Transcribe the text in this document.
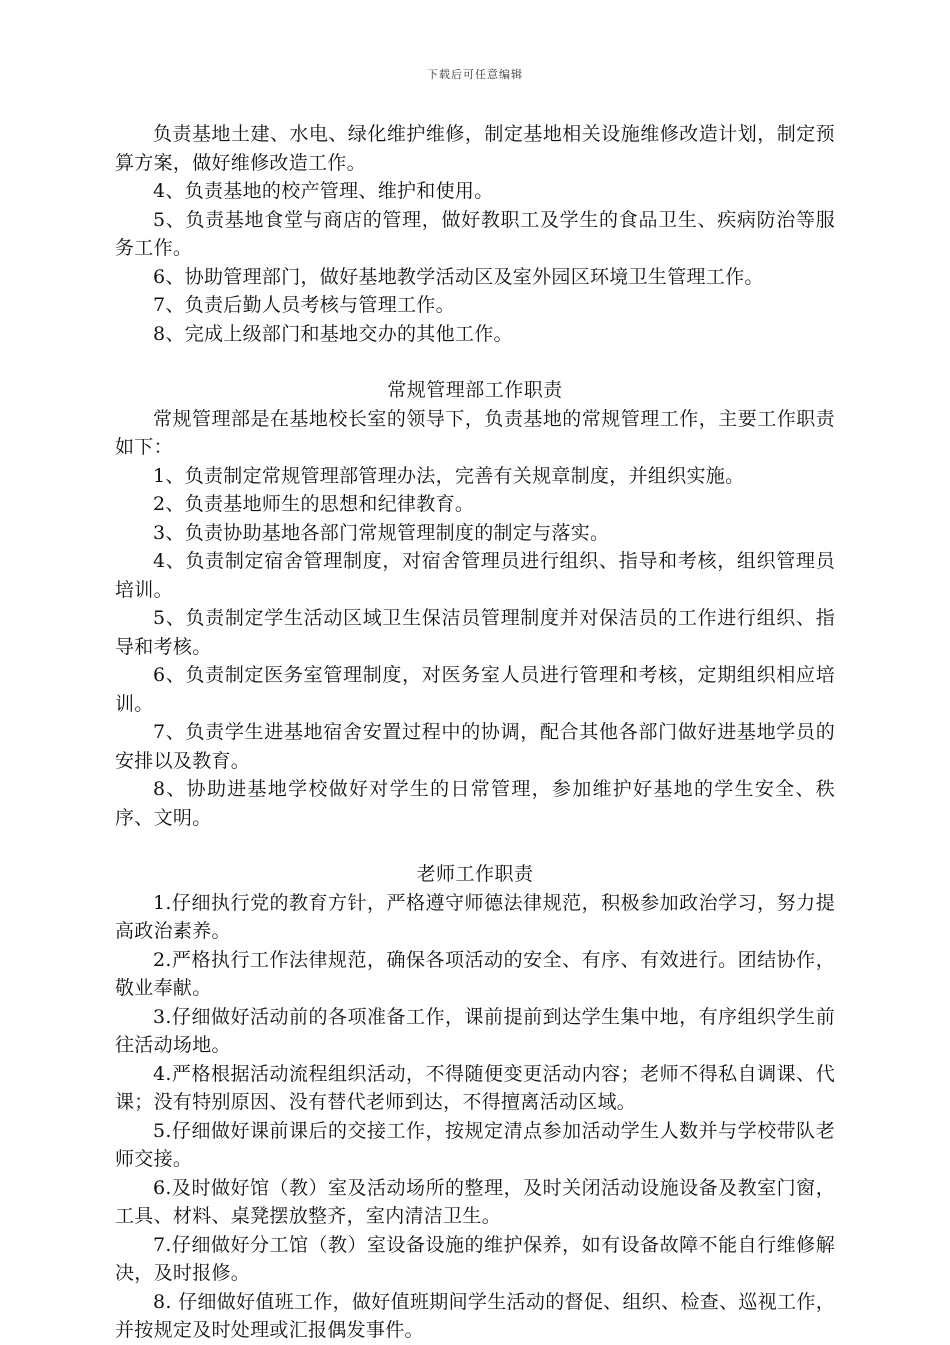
下载后可任意编辑

负责基地土建、水电、绿化维护维修，制定基地相关设施维修改造计划，制定预算方案，做好维修改造工作。

4、负责基地的校产管理、维护和使用。

5、负责基地食堂与商店的管理，做好教职工及学生的食品卫生、疾病防治等服务工作。

6、协助管理部门，做好基地教学活动区及室外园区环境卫生管理工作。

7、负责后勤人员考核与管理工作。

8、完成上级部门和基地交办的其他工作。

常规管理部工作职责

常规管理部是在基地校长室的领导下，负责基地的常规管理工作，主要工作职责如下：

1、负责制定常规管理部管理办法，完善有关规章制度，并组织实施。

2、负责基地师生的思想和纪律教育。

3、负责协助基地各部门常规管理制度的制定与落实。

4、负责制定宿舍管理制度，对宿舍管理员进行组织、指导和考核，组织管理员培训。

5、负责制定学生活动区域卫生保洁员管理制度并对保洁员的工作进行组织、指导和考核。

6、负责制定医务室管理制度，对医务室人员进行管理和考核，定期组织相应培训。

7、负责学生进基地宿舍安置过程中的协调，配合其他各部门做好进基地学员的安排以及教育。

8、协助进基地学校做好对学生的日常管理，参加维护好基地的学生安全、秩序、文明。

老师工作职责

1.仔细执行党的教育方针，严格遵守师德法律规范，积极参加政治学习，努力提高政治素养。

2.严格执行工作法律规范，确保各项活动的安全、有序、有效进行。团结协作，敬业奉献。

3.仔细做好活动前的各项准备工作，课前提前到达学生集中地，有序组织学生前往活动场地。

4.严格根据活动流程组织活动，不得随便变更活动内容；老师不得私自调课、代课；没有特别原因、没有替代老师到达，不得擅离活动区域。

5.仔细做好课前课后的交接工作，按规定清点参加活动学生人数并与学校带队老师交接。

6.及时做好馆（教）室及活动场所的整理，及时关闭活动设施设备及教室门窗，工具、材料、桌凳摆放整齐，室内清洁卫生。

7.仔细做好分工馆（教）室设备设施的维护保养，如有设备故障不能自行维修解决，及时报修。

8. 仔细做好值班工作，做好值班期间学生活动的督促、组织、检查、巡视工作，并按规定及时处理或汇报偶发事件。
